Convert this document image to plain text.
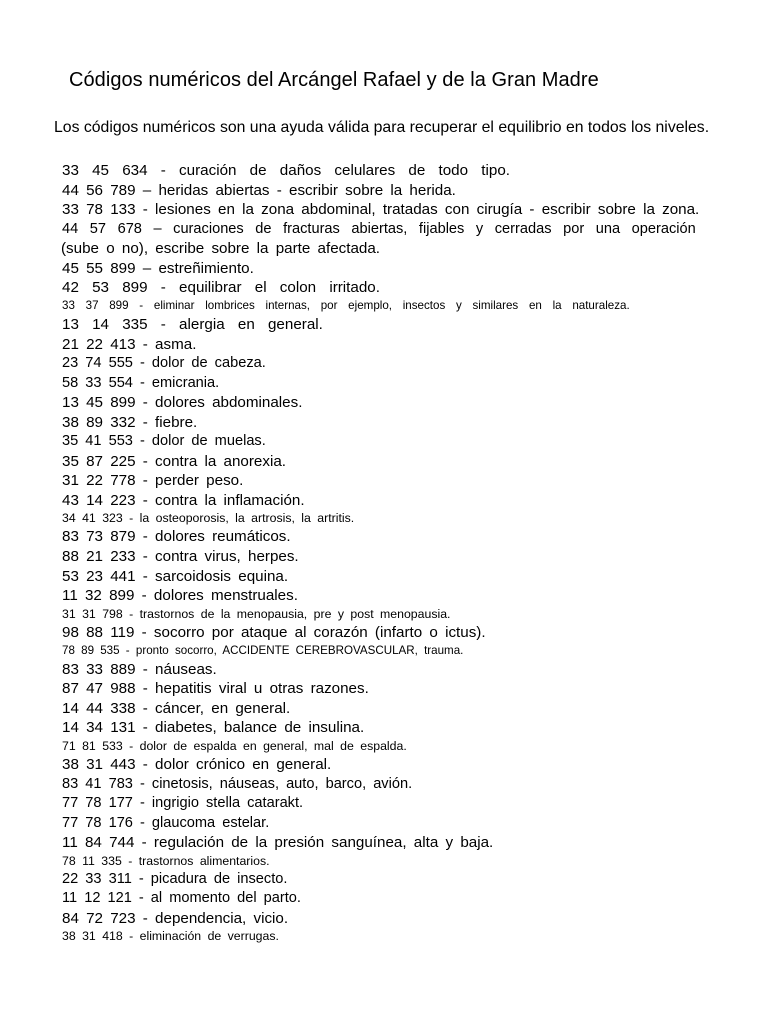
Códigos numéricos del Arcángel Rafael y de la Gran Madre
Los códigos numéricos son una ayuda válida para recuperar el equilibrio en todos los niveles.
33 45 634 - curación de daños celulares de todo tipo.
44 56 789 – heridas abiertas - escribir sobre la herida.
33 78 133 - lesiones en la zona abdominal, tratadas con cirugía - escribir sobre la zona.
44 57 678 – curaciones de fracturas abiertas, fijables y cerradas por una operación
(sube o no), escribe sobre la parte afectada.
45 55 899 – estreñimiento.
42 53 899 - equilibrar el colon irritado.
33 37 899 - eliminar lombrices internas, por ejemplo, insectos y similares en la naturaleza.
13 14 335 - alergia en general.
21 22 413 - asma.
23 74 555 - dolor de cabeza.
58 33 554 - emicrania.
13 45 899 - dolores abdominales.
38 89 332 - fiebre.
35 41 553 - dolor de muelas.
35 87 225 - contra la anorexia.
31 22 778 - perder peso.
43 14 223 - contra la inflamación.
34 41 323 - la osteoporosis, la artrosis, la artritis.
83 73 879 - dolores reumáticos.
88 21 233 - contra virus, herpes.
53 23 441 - sarcoidosis equina.
11 32 899 - dolores menstruales.
31 31 798 - trastornos de la menopausia, pre y post menopausia.
98 88 119 - socorro por ataque al corazón (infarto o ictus).
78 89 535 - pronto socorro, ACCIDENTE CEREBROVASCULAR, trauma.
83 33 889 - náuseas.
87 47 988 - hepatitis viral u otras razones.
14 44 338 - cáncer, en general.
14 34 131 - diabetes, balance de insulina.
71 81 533 - dolor de espalda en general, mal de espalda.
38 31 443 - dolor crónico en general.
83 41 783 - cinetosis, náuseas, auto, barco, avión.
77 78 177 - ingrigio stella catarakt.
77 78 176 - glaucoma estelar.
11 84 744 - regulación de la presión sanguínea, alta y baja.
78 11 335 - trastornos alimentarios.
22 33 311 - picadura de insecto.
11 12 121 - al momento del parto.
84 72 723 - dependencia, vicio.
38 31 418 - eliminación de verrugas.
